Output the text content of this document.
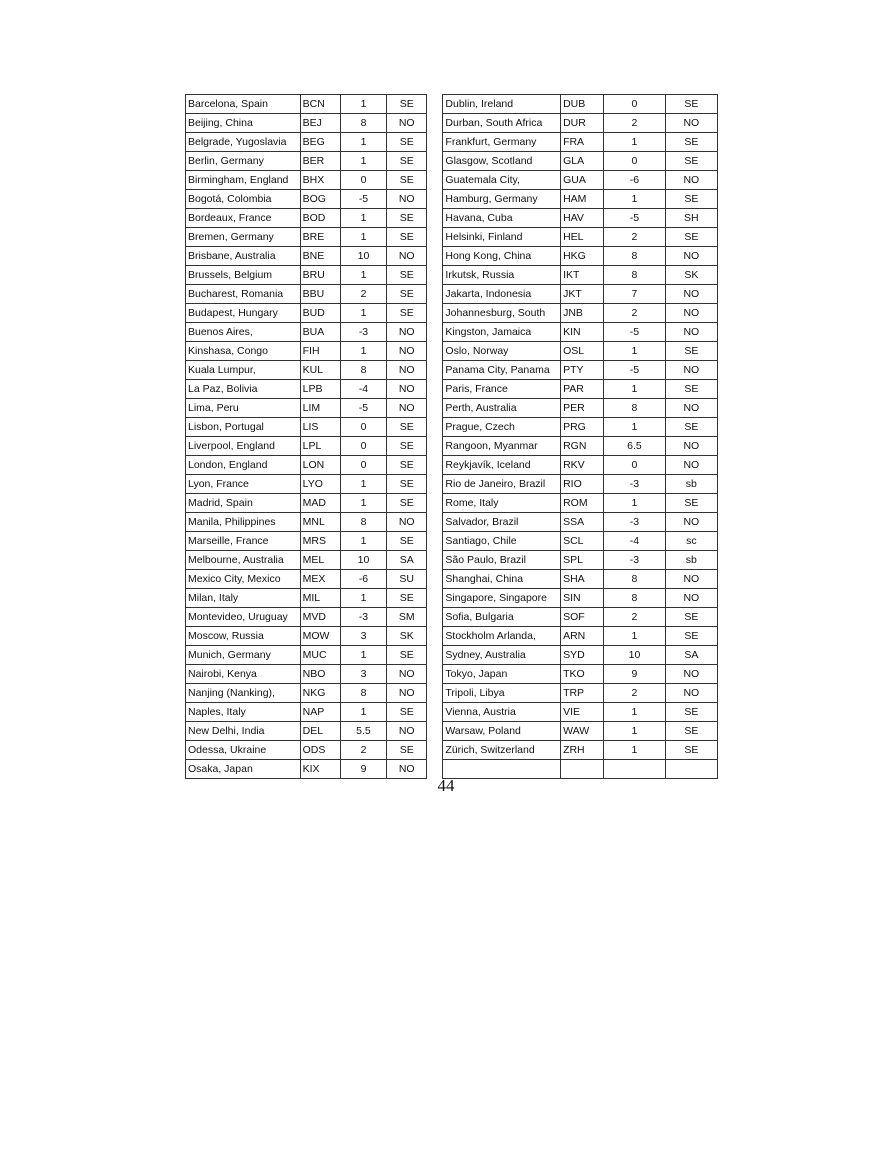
Barcelona, Spain	BCN	1	SE		Dublin, Ireland	DUB	0	SE
Beijing, China	BEJ	8	NO		Durban, South Africa	DUR	2	NO
Belgrade, Yugoslavia	BEG	1	SE		Frankfurt, Germany	FRA	1	SE
Berlin, Germany	BER	1	SE		Glasgow, Scotland	GLA	0	SE
Birmingham, England	BHX	0	SE		Guatemala City,	GUA	-6	NO
Bogotá, Colombia	BOG	-5	NO		Hamburg, Germany	HAM	1	SE
Bordeaux, France	BOD	1	SE		Havana, Cuba	HAV	-5	SH
Bremen, Germany	BRE	1	SE		Helsinki, Finland	HEL	2	SE
Brisbane, Australia	BNE	10	NO		Hong Kong, China	HKG	8	NO
Brussels, Belgium	BRU	1	SE		Irkutsk, Russia	IKT	8	SK
Bucharest, Romania	BBU	2	SE		Jakarta, Indonesia	JKT	7	NO
Budapest, Hungary	BUD	1	SE		Johannesburg, South	JNB	2	NO
Buenos Aires,	BUA	-3	NO		Kingston, Jamaica	KIN	-5	NO
Kinshasa, Congo	FIH	1	NO		Oslo, Norway	OSL	1	SE
Kuala Lumpur,	KUL	8	NO		Panama City, Panama	PTY	-5	NO
La Paz, Bolivia	LPB	-4	NO		Paris, France	PAR	1	SE
Lima, Peru	LIM	-5	NO		Perth, Australia	PER	8	NO
Lisbon, Portugal	LIS	0	SE		Prague, Czech	PRG	1	SE
Liverpool, England	LPL	0	SE		Rangoon, Myanmar	RGN	6.5	NO
London, England	LON	0	SE		Reykjavík, Iceland	RKV	0	NO
Lyon, France	LYO	1	SE		Rio de Janeiro, Brazil	RIO	-3	sb
Madrid, Spain	MAD	1	SE		Rome, Italy	ROM	1	SE
Manila, Philippines	MNL	8	NO		Salvador, Brazil	SSA	-3	NO
Marseille, France	MRS	1	SE		Santiago, Chile	SCL	-4	sc
Melbourne, Australia	MEL	10	SA		São Paulo, Brazil	SPL	-3	sb
Mexico City, Mexico	MEX	-6	SU		Shanghai, China	SHA	8	NO
Milan, Italy	MIL	1	SE		Singapore, Singapore	SIN	8	NO
Montevideo, Uruguay	MVD	-3	SM		Sofia, Bulgaria	SOF	2	SE
Moscow, Russia	MOW	3	SK		Stockholm Arlanda,	ARN	1	SE
Munich, Germany	MUC	1	SE		Sydney, Australia	SYD	10	SA
Nairobi, Kenya	NBO	3	NO		Tokyo, Japan	TKO	9	NO
Nanjing (Nanking),	NKG	8	NO		Tripoli, Libya	TRP	2	NO
Naples, Italy	NAP	1	SE		Vienna, Austria	VIE	1	SE
New Delhi, India	DEL	5.5	NO		Warsaw, Poland	WAW	1	SE
Odessa, Ukraine	ODS	2	SE		Zürich, Switzerland	ZRH	1	SE
Osaka, Japan	KIX	9	NO					
44
